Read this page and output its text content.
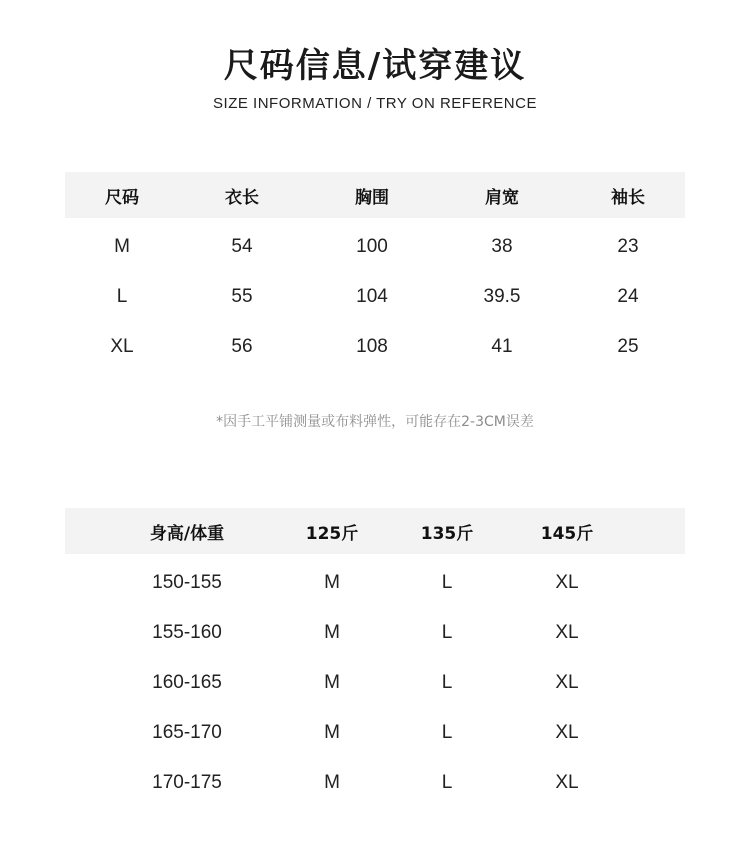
尺码信息/试穿建议
SIZE INFORMATION / TRY ON REFERENCE
尺码	衣长	胸围	肩宽	袖长
M	54	100	38	23
L	55	104	39.5	24
XL	56	108	41	25
*因手工平铺测量或布料弹性，可能存在2-3CM误差
身高/体重	125斤	135斤	145斤
150-155	M	L	XL
155-160	M	L	XL
160-165	M	L	XL
165-170	M	L	XL
170-175	M	L	XL
